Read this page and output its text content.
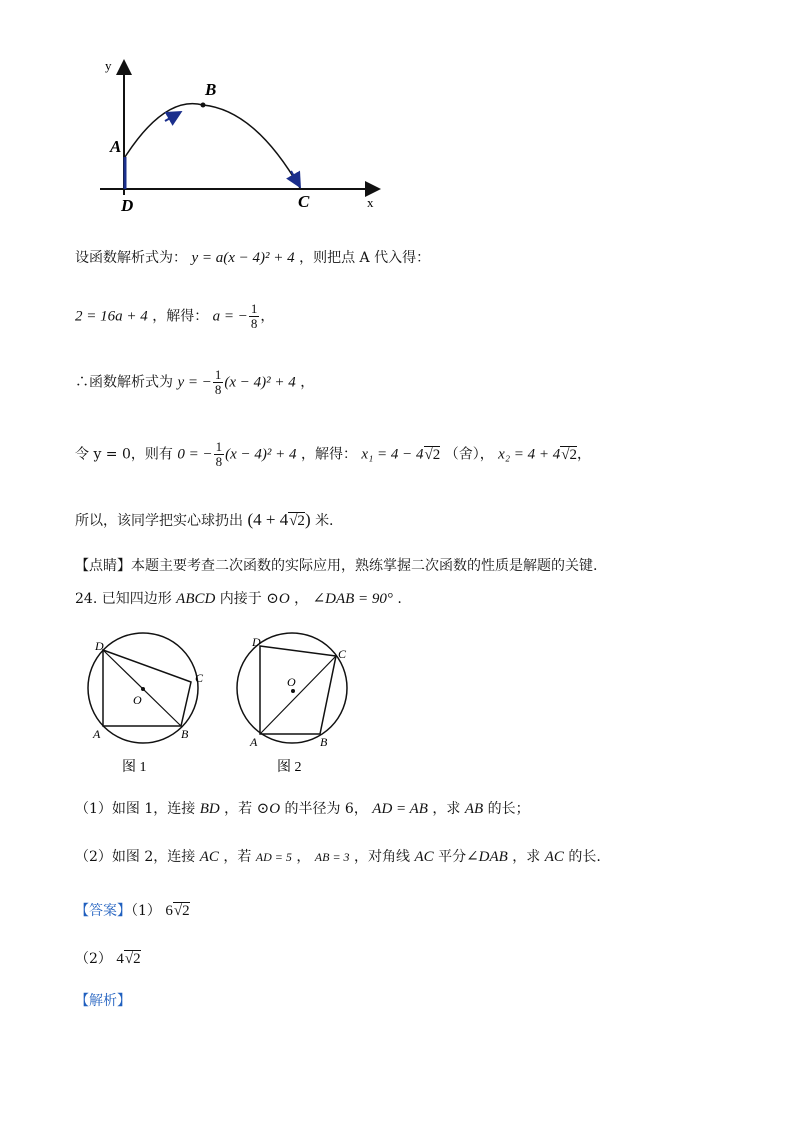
y
x
A
B
C
D
设函数解析式为： y = a(x − 4)² + 4 ，则把点 A 代入得：
2 = 16a + 4 ，解得： a = − $\frac{1}{8}$ ，
∴函数解析式为 y = − $\frac{1}{8} (x - 4)^2 + 4$ ，
令 y = 0，则有 0 = − $\frac{1}{8} (x - 4)^2 + 4$ ，解得： x₁ = 4 − 4√2 （舍）， x₂ = 4 + 4√2，
所以，该同学把实心球扔出 (4 + 4√2) 米.
【点睛】本题主要考查二次函数的实际应用，熟练掌握二次函数的性质是解题的关键.
24. 已知四边形 ABCD 内接于 ⊙O ， ∠DAB = 90° .
D
C
O
A	B
图 1
D
C
O
A	B
图 2
（1）如图 1，连接 BD ，若 ⊙O 的半径为 6， AD = AB ，求 AB 的长；
（2）如图 2，连接 AC ，若 AD = 5 ， AB = 3 ，对角线 AC 平分∠DAB ，求 AC 的长.
【答案】（1） 6√2
（2） 4√2
【解析】
